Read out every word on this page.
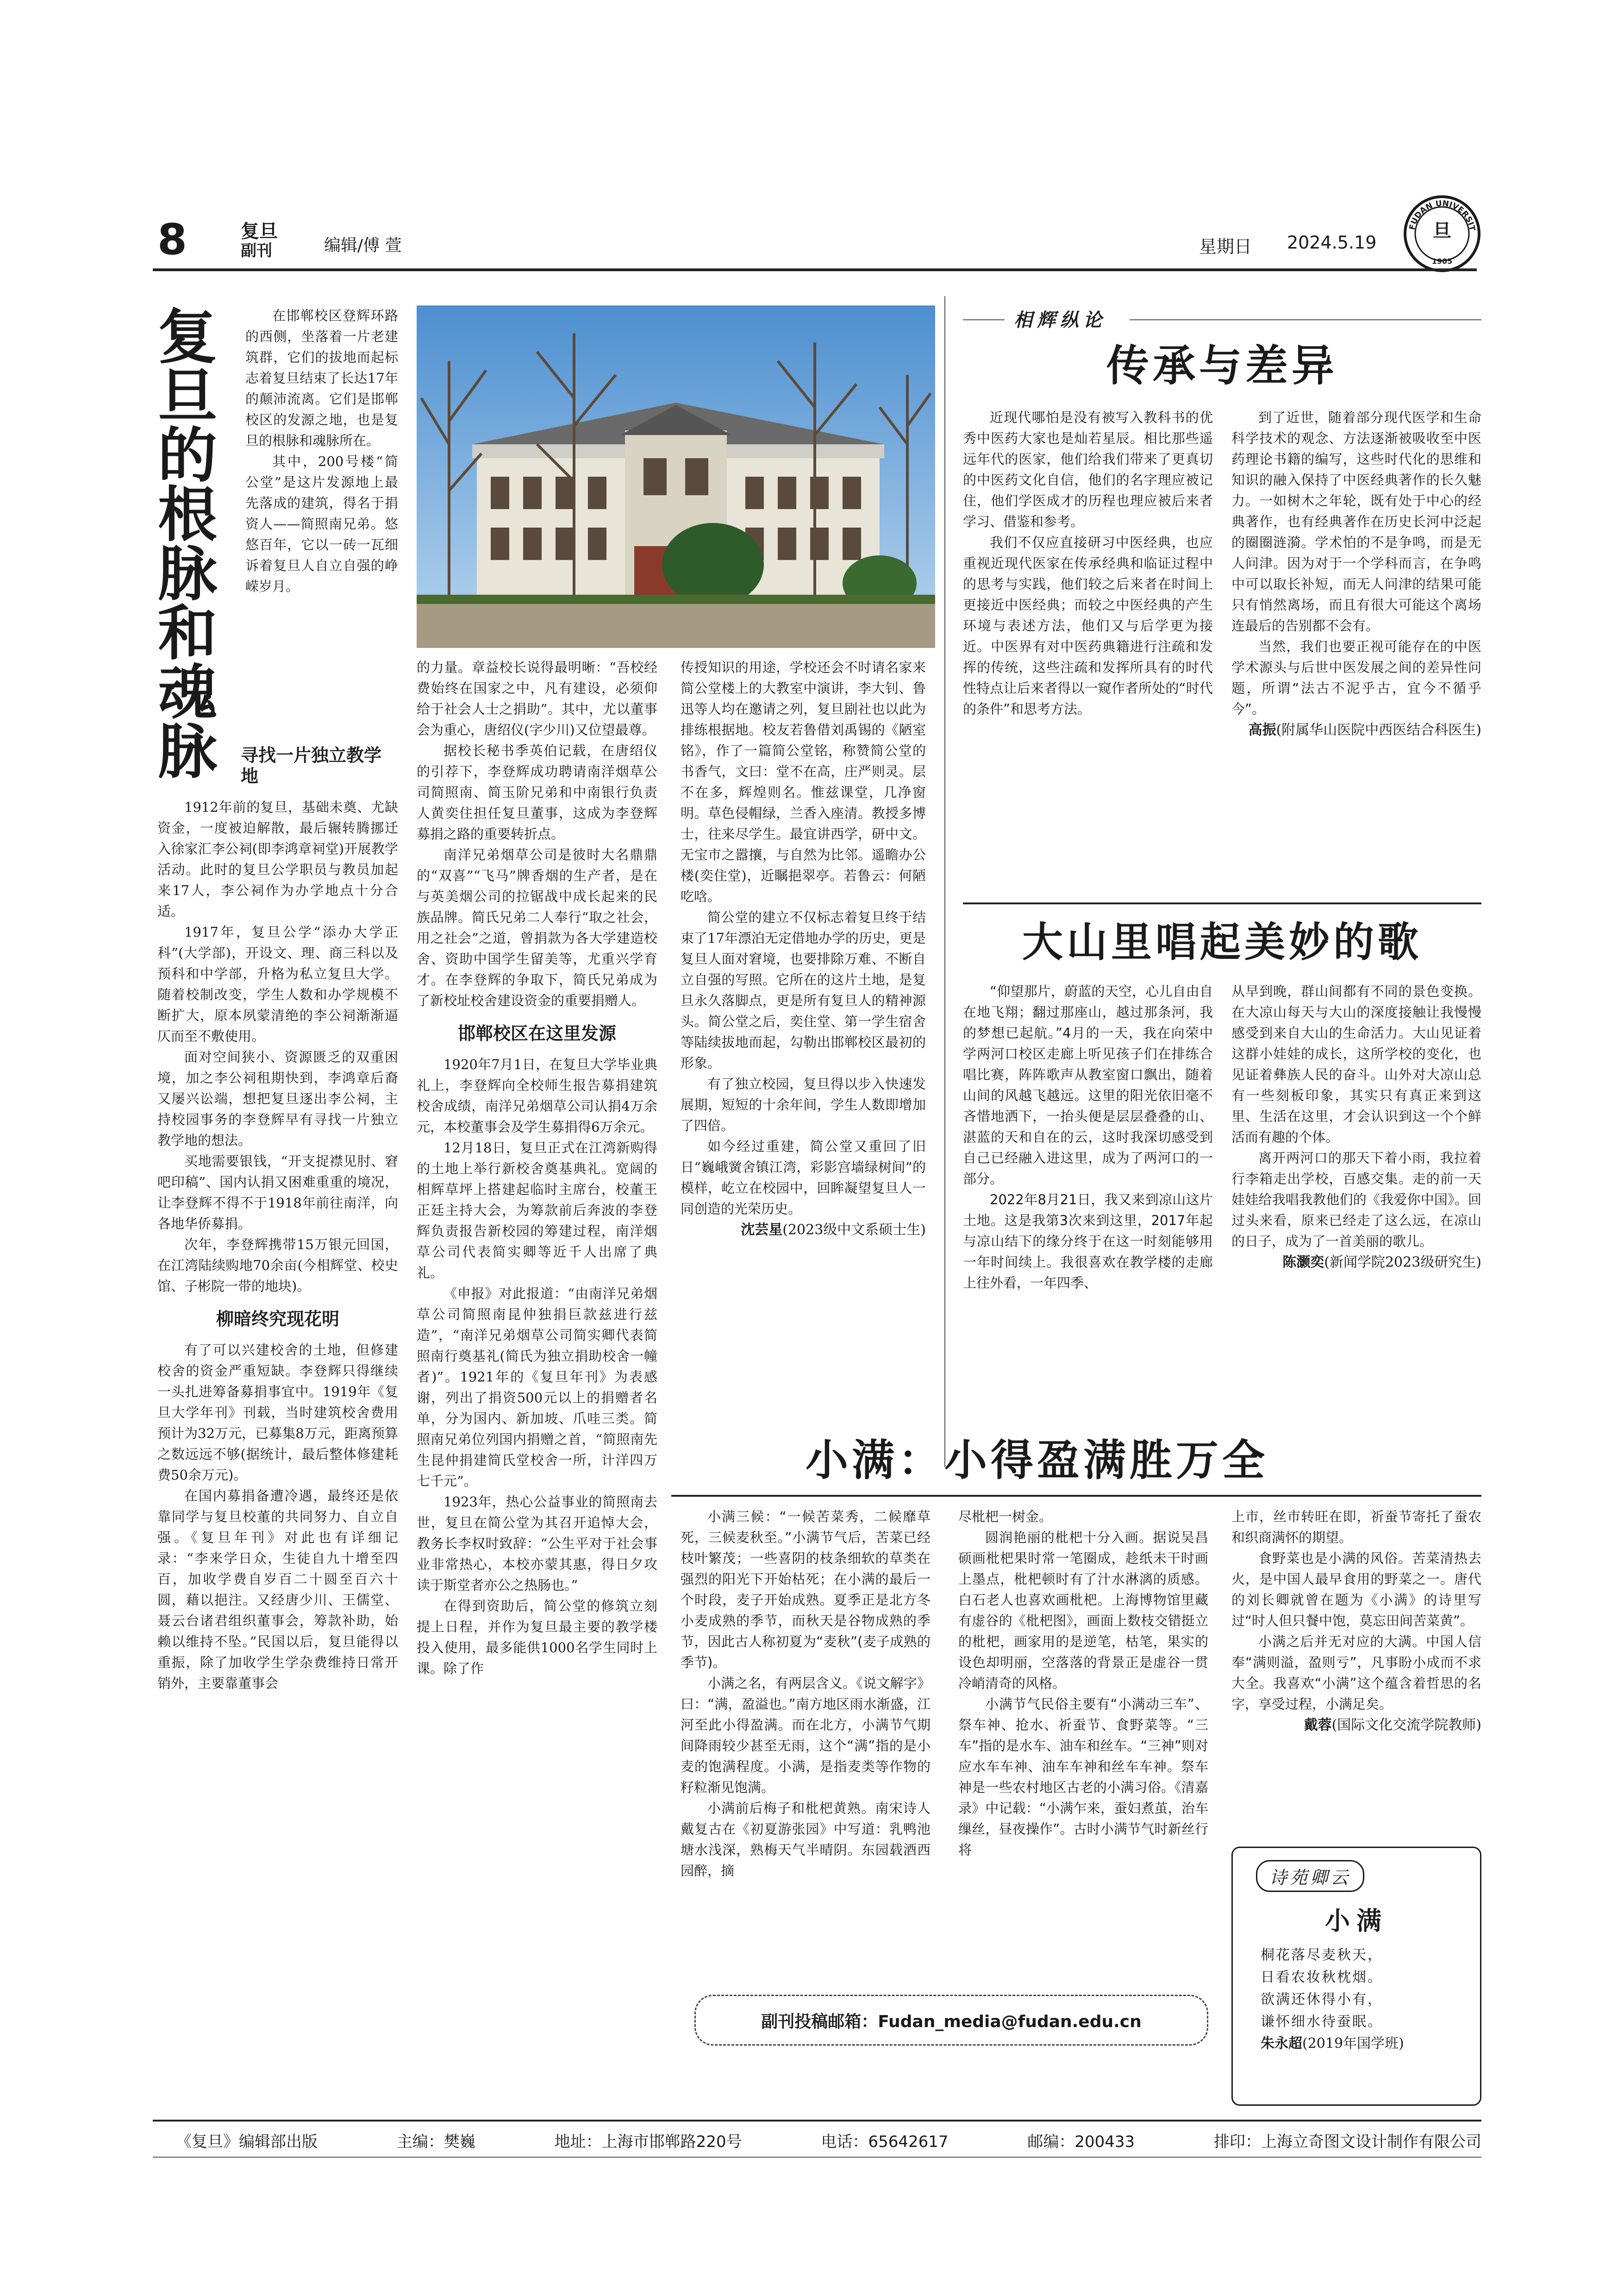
8	复旦
副刊	编辑/傅 萱	星期日 2024.5.19
FUDAN UNIVERSIT
旦
1905
复旦的根脉和魂脉	在邯郸校区登辉环路的西侧，坐落着一片老建筑群，它们的拔地而起标志着复旦结束了长达17年的颠沛流离。它们是邯郸校区的发源之地，也是复旦的根脉和魂脉所在。

其中，200号楼“简公堂”是这片发源地上最先落成的建筑，得名于捐资人——简照南兄弟。悠悠百年，它以一砖一瓦细诉着复旦人自立自强的峥嵘岁月。

寻找一片独立教学地

1912年前的复旦，基础未奠、尤缺资金，一度被迫解散，最后辗转腾挪迁入徐家汇李公祠(即李鸿章祠堂)开展教学活动。此时的复旦公学职员与教员加起来17人，李公祠作为办学地点十分合适。

1917年，复旦公学“添办大学正科”(大学部)，开设文、理、商三科以及预科和中学部，升格为私立复旦大学。随着校制改变，学生人数和办学规模不断扩大，原本夙蒙清绝的李公祠渐渐逼仄而至不敷使用。

面对空间狭小、资源匮乏的双重困境，加之李公祠租期快到，李鸿章后裔又屡兴讼端，想把复旦逐出李公祠，主持校园事务的李登辉早有寻找一片独立教学地的想法。

买地需要银钱，“开支捉襟见肘、窘吧印稿”、国内认捐又困难重重的境况，让李登辉不得不于1918年前往南洋，向各地华侨募捐。

次年，李登辉携带15万银元回国，在江湾陆续购地70余亩(今相辉堂、校史馆、子彬院一带的地块)。

柳暗终究现花明

有了可以兴建校舍的土地，但修建校舍的资金严重短缺。李登辉只得继续一头扎进筹备募捐事宜中。1919年《复旦大学年刊》刊载，当时建筑校舍费用预计为32万元，已募集8万元，距离预算之数远远不够(据统计，最后整体修建耗费50余万元)。

在国内募捐备遭冷遇，最终还是依靠同学与复旦校董的共同努力、自立自强。《复旦年刊》对此也有详细记录：“李来学日众，生徒自九十增至四百，加收学费自岁百二十圆至百六十圆，藉以挹注。又经唐少川、王儒堂、聂云台诸君组织董事会，筹款补助，始赖以维持不坠。”民国以后，复旦能得以重振，除了加收学生学杂费维持日常开销外，主要靠董事会

的力量。章益校长说得最明晰：“吾校经费始终在国家之中，凡有建设，必须仰给于社会人士之捐助”。其中，尤以董事会为重心，唐绍仪(字少川)又位望最尊。

据校长秘书季英伯记载，在唐绍仪的引荐下，李登辉成功聘请南洋烟草公司简照南、简玉阶兄弟和中南银行负责人黄奕住担任复旦董事，这成为李登辉募捐之路的重要转折点。

南洋兄弟烟草公司是彼时大名鼎鼎的“双喜”“飞马”牌香烟的生产者，是在与英美烟公司的拉锯战中成长起来的民族品牌。简氏兄弟二人奉行“取之社会，用之社会”之道，曾捐款为各大学建造校舍、资助中国学生留美等，尤重兴学育才。在李登辉的争取下，简氏兄弟成为了新校址校舍建设资金的重要捐赠人。

邯郸校区在这里发源

1920年7月1日，在复旦大学毕业典礼上，李登辉向全校师生报告募捐建筑校舍成绩，南洋兄弟烟草公司认捐4万余元，本校董事会及学生募捐得6万余元。

12月18日，复旦正式在江湾新购得的土地上举行新校舍奠基典礼。宽阔的相辉草坪上搭建起临时主席台，校董王正廷主持大会，为筹款前后奔波的李登辉负责报告新校园的筹建过程，南洋烟草公司代表简实卿等近千人出席了典礼。

《申报》对此报道：“由南洋兄弟烟草公司简照南昆仲独捐巨款兹进行兹造”，“南洋兄弟烟草公司简实卿代表简照南行奠基礼(简氏为独立捐助校舍一幢者)”。1921年的《复旦年刊》为表感谢，列出了捐资500元以上的捐赠者名单，分为国内、新加坡、爪哇三类。简照南兄弟位列国内捐赠之首，“简照南先生昆仲捐建简氏堂校舍一所，计洋四万七千元”。

1923年，热心公益事业的简照南去世，复旦在简公堂为其召开追悼大会，教务长李权时致辞：“公生平对于社会事业非常热心，本校亦蒙其惠，得日夕攻读于斯堂者亦公之热肠也。”

在得到资助后，简公堂的修筑立刻提上日程，并作为复旦最主要的教学楼投入使用，最多能供1000名学生同时上课。除了作

传授知识的用途，学校还会不时请名家来简公堂楼上的大教室中演讲，李大钊、鲁迅等人均在邀请之列，复旦剧社也以此为排练根据地。校友若鲁借刘禹锡的《陋室铭》，作了一篇简公堂铭，称赞简公堂的书香气，文曰：堂不在高，庄严则灵。层不在多，辉煌则名。惟兹课堂，几净窗明。草色侵帽绿，兰香入座清。教授多博士，往来尽学生。最宜讲西学，研中文。无宝市之嚣攘，与自然为比邻。遥瞻办公楼(奕住堂)，近瞩挹翠亭。若鲁云：何陋吃唅。

简公堂的建立不仅标志着复旦终于结束了17年漂泊无定借地办学的历史，更是复旦人面对窘境，也要排除万难、不断自立自强的写照。它所在的这片土地，是复旦永久落脚点，更是所有复旦人的精神源头。简公堂之后，奕住堂、第一学生宿舍等陆续拔地而起，勾勒出邯郸校区最初的形象。

有了独立校园，复旦得以步入快速发展期，短短的十余年间，学生人数即增加了四倍。

如今经过重建，简公堂又重回了旧日“巍峨黉舍镇江湾，彩影宫墙绿树间”的模样，屹立在校园中，回眸凝望复旦人一同创造的光荣历史。

沈芸星(2023级中文系硕士生)
相辉纵论
传承与差异

近现代哪怕是没有被写入教科书的优秀中医药大家也是灿若星辰。相比那些遥远年代的医家，他们给我们带来了更真切的中医药文化自信，他们的名字理应被记住，他们学医成才的历程也理应被后来者学习、借鉴和参考。

我们不仅应直接研习中医经典，也应重视近现代医家在传承经典和临证过程中的思考与实践，他们较之后来者在时间上更接近中医经典；而较之中医经典的产生环境与表述方法，他们又与后学更为接近。中医界有对中医药典籍进行注疏和发挥的传统，这些注疏和发挥所具有的时代性特点让后来者得以一窥作者所处的“时代的条件”和思考方法。

到了近世，随着部分现代医学和生命科学技术的观念、方法逐渐被吸收至中医药理论书籍的编写，这些时代化的思维和知识的融入保持了中医经典著作的长久魅力。一如树木之年轮，既有处于中心的经典著作，也有经典著作在历史长河中泛起的圈圈涟漪。学术怕的不是争鸣，而是无人问津。因为对于一个学科而言，在争鸣中可以取长补短，而无人问津的结果可能只有悄然离场，而且有很大可能这个离场连最后的告别都不会有。

当然，我们也要正视可能存在的中医学术源头与后世中医发展之间的差异性问题，所谓“法古不泥乎古，宜今不循乎今”。

高振(附属华山医院中西医结合科医生)
大山里唱起美妙的歌

“仰望那片，蔚蓝的天空，心儿自由自在地飞翔；翻过那座山，越过那条河，我的梦想已起航。”4月的一天，我在向荣中学两河口校区走廊上听见孩子们在排练合唱比赛，阵阵歌声从教室窗口飘出，随着山间的风越飞越远。这里的阳光依旧毫不吝惜地洒下，一抬头便是层层叠叠的山、湛蓝的天和自在的云，这时我深切感受到自己已经融入进这里，成为了两河口的一部分。

2022年8月21日，我又来到凉山这片土地。这是我第3次来到这里，2017年起与凉山结下的缘分终于在这一时刻能够用一年时间续上。我很喜欢在教学楼的走廊上往外看，一年四季、

从早到晚，群山间都有不同的景色变换。在大凉山每天与大山的深度接触让我慢慢感受到来自大山的生命活力。大山见证着这群小娃娃的成长，这所学校的变化，也见证着彝族人民的奋斗。山外对大凉山总有一些刻板印象，其实只有真正来到这里、生活在这里，才会认识到这一个个鲜活而有趣的个体。

离开两河口的那天下着小雨，我拉着行李箱走出学校，百感交集。走的前一天娃娃给我唱我教他们的《我爱你中国》。回过头来看，原来已经走了这么远，在凉山的日子，成为了一首美丽的歌儿。

陈灏奕(新闻学院2023级研究生)
小满：小得盈满胜万全

小满三候：“一候苦菜秀，二候靡草死，三候麦秋至。”小满节气后，苦菜已经枝叶繁茂；一些喜阴的枝条细软的草类在强烈的阳光下开始枯死；在小满的最后一个时段，麦子开始成熟。夏季正是北方冬小麦成熟的季节，而秋天是谷物成熟的季节，因此古人称初夏为“麦秋”(麦子成熟的季节)。

小满之名，有两层含义。《说文解字》曰：“满，盈溢也。”南方地区雨水渐盛，江河至此小得盈满。而在北方，小满节气期间降雨较少甚至无雨，这个“满”指的是小麦的饱满程度。小满，是指麦类等作物的籽粒渐见饱满。

小满前后梅子和枇杷黄熟。南宋诗人戴复古在《初夏游张园》中写道：乳鸭池塘水浅深，熟梅天气半晴阴。东园载酒西园醉，摘

尽枇杷一树金。

圆润艳丽的枇杷十分入画。据说吴昌硕画枇杷果时常一笔圈成，趁纸未干时画上墨点，枇杷顿时有了汁水淋漓的质感。白石老人也喜欢画枇杷。上海博物馆里藏有虚谷的《枇杷图》，画面上数枝交错挺立的枇杷，画家用的是逆笔，枯笔，果实的设色却明丽，空落落的背景正是虚谷一贯冷峭清奇的风格。

小满节气民俗主要有“小满动三车”、祭车神、抢水、祈蚕节、食野菜等。“三车”指的是水车、油车和丝车。“三神”则对应水车车神、油车车神和丝车车神。祭车神是一些农村地区古老的小满习俗。《清嘉录》中记载：“小满乍来，蚕妇煮茧，治车缫丝，昼夜操作”。古时小满节气时新丝行将

上市，丝市转旺在即，祈蚕节寄托了蚕农和织商满怀的期望。

食野菜也是小满的风俗。苦菜清热去火，是中国人最早食用的野菜之一。唐代的刘长卿就曾在题为《小满》的诗里写过“时人但只餐中饱，莫忘田间苦菜黄”。

小满之后并无对应的大满。中国人信奉“满则溢，盈则亏”，凡事盼小成而不求大全。我喜欢“小满”这个蕴含着哲思的名字，享受过程，小满足矣。

戴蓉(国际文化交流学院教师)
诗苑卿云
小满
桐花落尽麦秋天，
日看农妆秋枕烟。
欲满还休得小有，
谦怀细水待蚕眠。
朱永超(2019年国学班)
副刊投稿邮箱：Fudan_media@fudan.edu.cn
《复旦》编辑部出版	主编：樊巍	地址：上海市邯郸路220号	电话：65642617	邮编：200433	排印：上海立奇图文设计制作有限公司
